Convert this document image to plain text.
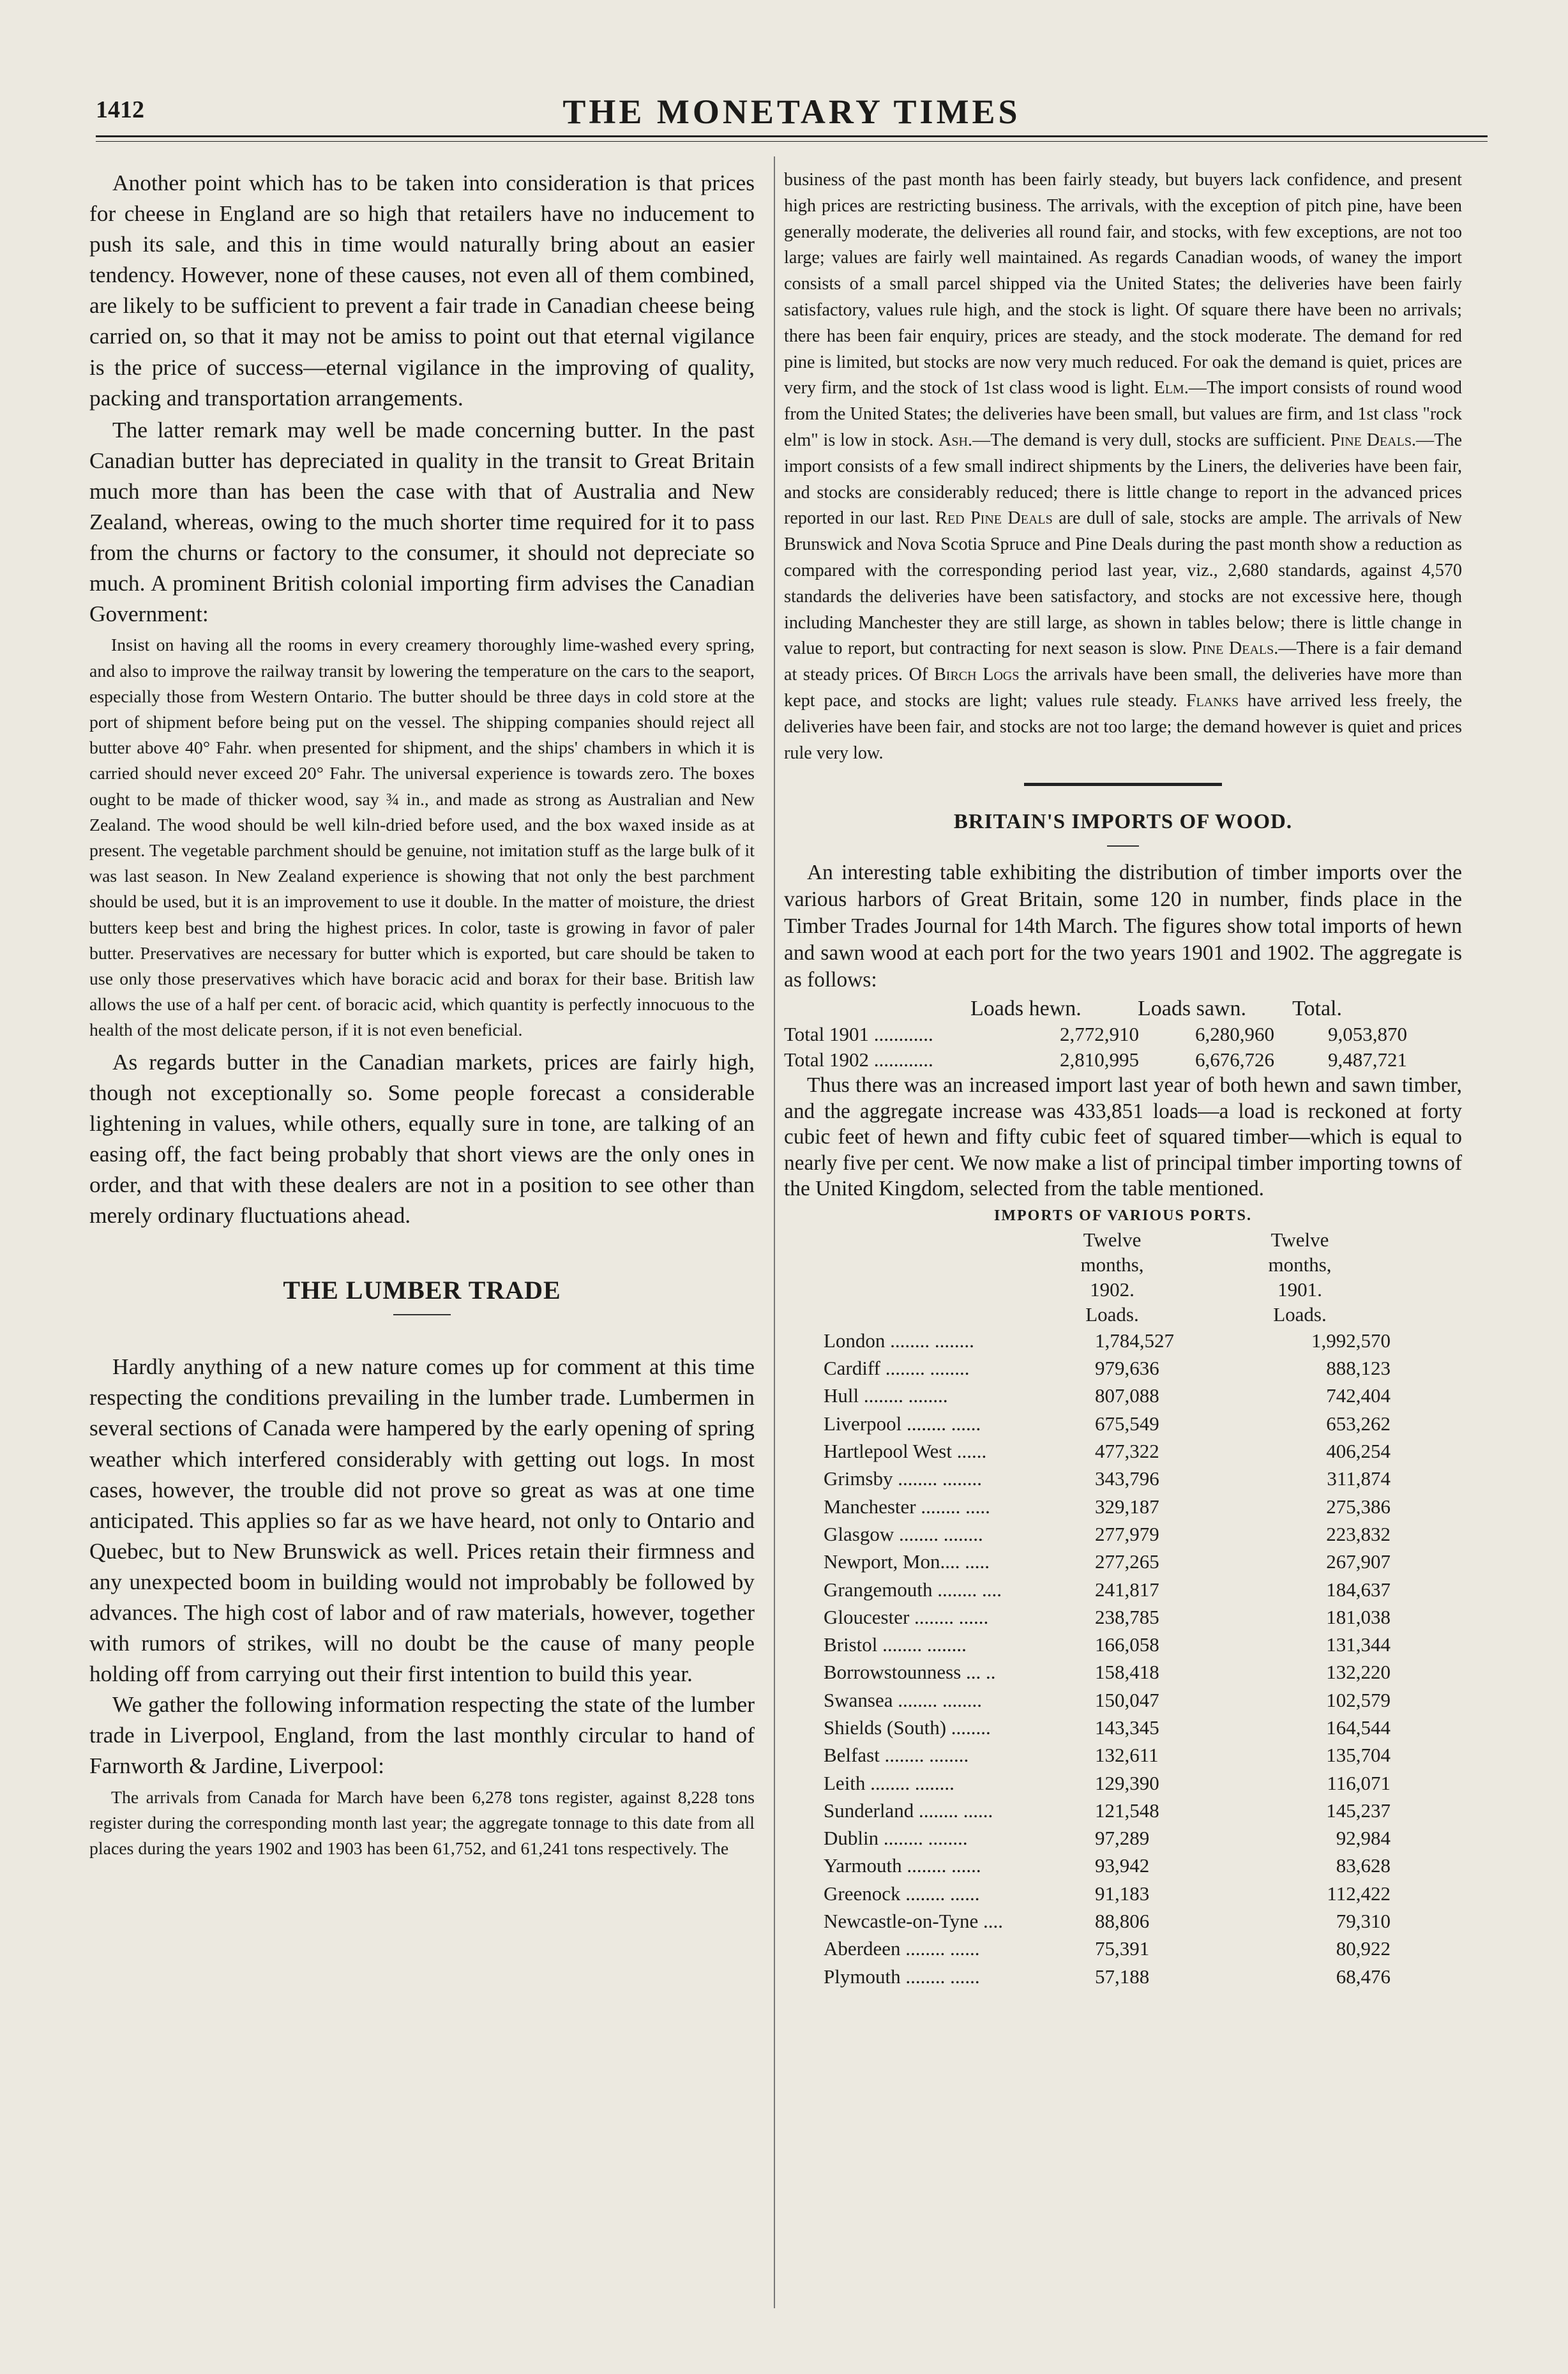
1412	THE MONETARY TIMES

Another point which has to be taken into consideration is that prices for cheese in England are so high that retailers have no inducement to push its sale, and this in time would naturally bring about an easier tendency. However, none of these causes, not even all of them combined, are likely to be sufficient to prevent a fair trade in Canadian cheese being carried on, so that it may not be amiss to point out that eternal vigilance is the price of success—eternal vigilance in the improving of quality, packing and transportation arrangements.

The latter remark may well be made concerning butter. In the past Canadian butter has depreciated in quality in the transit to Great Britain much more than has been the case with that of Australia and New Zealand, whereas, owing to the much shorter time required for it to pass from the churns or factory to the consumer, it should not depreciate so much. A prominent British colonial importing firm advises the Canadian Government:

Insist on having all the rooms in every creamery thoroughly lime-washed every spring, and also to improve the railway transit by lowering the temperature on the cars to the seaport, especially those from Western Ontario. The butter should be three days in cold store at the port of shipment before being put on the vessel. The shipping companies should reject all butter above 40° Fahr. when presented for shipment, and the ships' chambers in which it is carried should never exceed 20° Fahr. The universal experience is towards zero. The boxes ought to be made of thicker wood, say ¾ in., and made as strong as Australian and New Zealand. The wood should be well kiln-dried before used, and the box waxed inside as at present. The vegetable parchment should be genuine, not imitation stuff as the large bulk of it was last season. In New Zealand experience is showing that not only the best parchment should be used, but it is an improvement to use it double. In the matter of moisture, the driest butters keep best and bring the highest prices. In color, taste is growing in favor of paler butter. Preservatives are necessary for butter which is exported, but care should be taken to use only those preservatives which have boracic acid and borax for their base. British law allows the use of a half per cent. of boracic acid, which quantity is perfectly innocuous to the health of the most delicate person, if it is not even beneficial.

As regards butter in the Canadian markets, prices are fairly high, though not exceptionally so. Some people forecast a considerable lightening in values, while others, equally sure in tone, are talking of an easing off, the fact being probably that short views are the only ones in order, and that with these dealers are not in a position to see other than merely ordinary fluctuations ahead.

THE LUMBER TRADE

Hardly anything of a new nature comes up for comment at this time respecting the conditions prevailing in the lumber trade. Lumbermen in several sections of Canada were hampered by the early opening of spring weather which interfered considerably with getting out logs. In most cases, however, the trouble did not prove so great as was at one time anticipated. This applies so far as we have heard, not only to Ontario and Quebec, but to New Brunswick as well. Prices retain their firmness and any unexpected boom in building would not improbably be followed by advances. The high cost of labor and of raw materials, however, together with rumors of strikes, will no doubt be the cause of many people holding off from carrying out their first intention to build this year.

We gather the following information respecting the state of the lumber trade in Liverpool, England, from the last monthly circular to hand of Farnworth & Jardine, Liverpool:

The arrivals from Canada for March have been 6,278 tons register, against 8,228 tons register during the corresponding month last year; the aggregate tonnage to this date from all places during the years 1902 and 1903 has been 61,752, and 61,241 tons respectively. The

business of the past month has been fairly steady, but buyers lack confidence, and present high prices are restricting business. The arrivals, with the exception of pitch pine, have been generally moderate, the deliveries all round fair, and stocks, with few exceptions, are not too large; values are fairly well maintained. As regards Canadian woods, of waney the import consists of a small parcel shipped via the United States; the deliveries have been fairly satisfactory, values rule high, and the stock is light. Of square there have been no arrivals; there has been fair enquiry, prices are steady, and the stock moderate. The demand for red pine is limited, but stocks are now very much reduced. For oak the demand is quiet, prices are very firm, and the stock of 1st class wood is light. Elm.—The import consists of round wood from the United States; the deliveries have been small, but values are firm, and 1st class "rock elm" is low in stock. Ash.—The demand is very dull, stocks are sufficient. Pine Deals.—The import consists of a few small indirect shipments by the Liners, the deliveries have been fair, and stocks are considerably reduced; there is little change to report in the advanced prices reported in our last. Red Pine Deals are dull of sale, stocks are ample. The arrivals of New Brunswick and Nova Scotia Spruce and Pine Deals during the past month show a reduction as compared with the corresponding period last year, viz., 2,680 standards, against 4,570 standards the deliveries have been satisfactory, and stocks are not excessive here, though including Manchester they are still large, as shown in tables below; there is little change in value to report, but contracting for next season is slow. Pine Deals.—There is a fair demand at steady prices. Of Birch Logs the arrivals have been small, the deliveries have more than kept pace, and stocks are light; values rule steady. Flanks have arrived less freely, the deliveries have been fair, and stocks are not too large; the demand however is quiet and prices rule very low.

BRITAIN'S IMPORTS OF WOOD.

An interesting table exhibiting the distribution of timber imports over the various harbors of Great Britain, some 120 in number, finds place in the Timber Trades Journal for 14th March. The figures show total imports of hewn and sawn wood at each port for the two years 1901 and 1902. The aggregate is as follows:

Loads hewn.	Loads sawn.	Total.
Total 1901 ............	2,772,910	6,280,960	9,053,870
Total 1902 ............	2,810,995	6,676,726	9,487,721

Thus there was an increased import last year of both hewn and sawn timber, and the aggregate increase was 433,851 loads—a load is reckoned at forty cubic feet of hewn and fifty cubic feet of squared timber—which is equal to nearly five per cent. We now make a list of principal timber importing towns of the United Kingdom, selected from the table mentioned.

IMPORTS OF VARIOUS PORTS.
Twelve
months,
1902.
Loads.
Twelve
months,
1901.
Loads.
London ........ ........	1,784,527	1,992,570
Cardiff ........ ........	979,636	888,123
Hull ........ ........	807,088	742,404
Liverpool ........ ......	675,549	653,262
Hartlepool West ......	477,322	406,254
Grimsby ........ ........	343,796	311,874
Manchester ........ .....	329,187	275,386
Glasgow ........ ........	277,979	223,832
Newport, Mon.... .....	277,265	267,907
Grangemouth ........ ....	241,817	184,637
Gloucester ........ ......	238,785	181,038
Bristol ........ ........	166,058	131,344
Borrowstounness ... ..	158,418	132,220
Swansea ........ ........	150,047	102,579
Shields (South) ........	143,345	164,544
Belfast ........ ........	132,611	135,704
Leith ........ ........	129,390	116,071
Sunderland ........ ......	121,548	145,237
Dublin ........ ........	97,289	92,984
Yarmouth ........ ......	93,942	83,628
Greenock ........ ......	91,183	112,422
Newcastle-on-Tyne ....	88,806	79,310
Aberdeen ........ ......	75,391	80,922
Plymouth ........ ......	57,188	68,476
